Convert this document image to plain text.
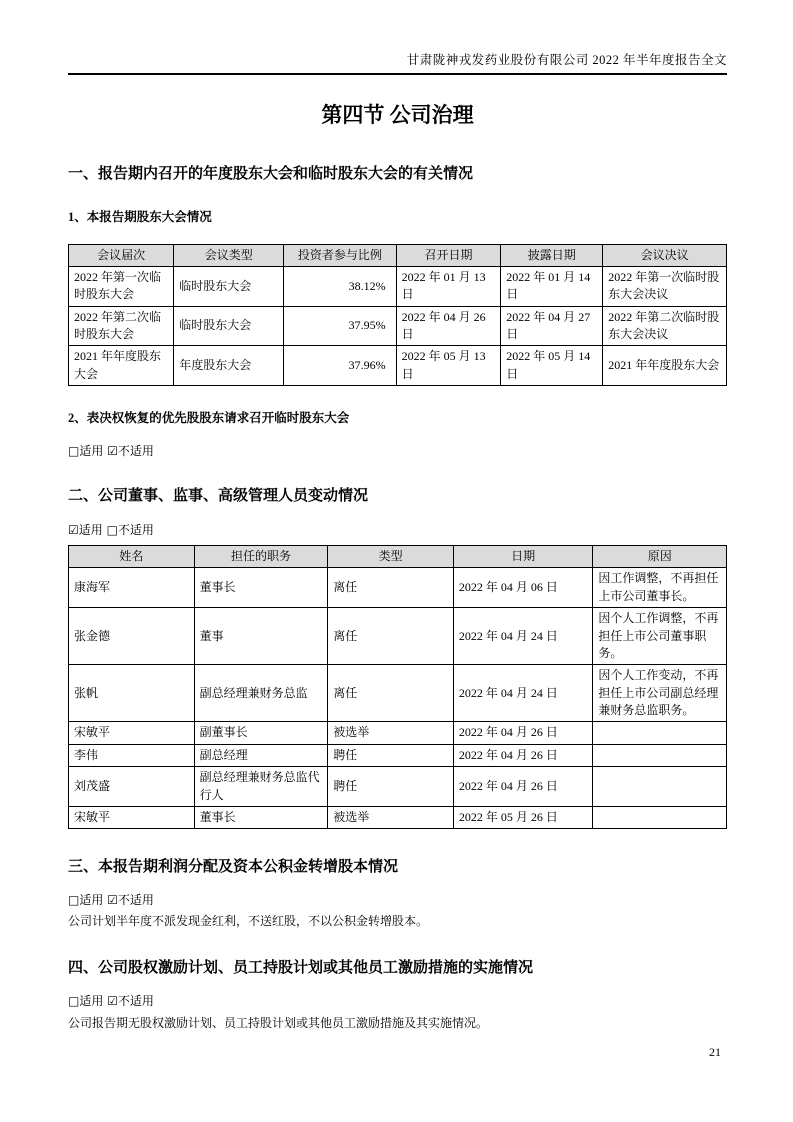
甘肃陇神戎发药业股份有限公司 2022 年半年度报告全文
第四节 公司治理
一、报告期内召开的年度股东大会和临时股东大会的有关情况
1、本报告期股东大会情况
会议届次	会议类型	投资者参与比例	召开日期	披露日期	会议决议
2022 年第一次临时股东大会	临时股东大会	38.12%	2022 年 01 月 13 日	2022 年 01 月 14 日	2022 年第一次临时股东大会决议
2022 年第二次临时股东大会	临时股东大会	37.95%	2022 年 04 月 26 日	2022 年 04 月 27 日	2022 年第二次临时股东大会决议
2021 年年度股东大会	年度股东大会	37.96%	2022 年 05 月 13 日	2022 年 05 月 14 日	2021 年年度股东大会
2、表决权恢复的优先股股东请求召开临时股东大会

□适用 ☑不适用

二、公司董事、监事、高级管理人员变动情况

☑适用 □不适用

姓名	担任的职务	类型	日期	原因
康海军	董事长	离任	2022 年 04 月 06 日	因工作调整，不再担任上市公司董事长。
张金德	董事	离任	2022 年 04 月 24 日	因个人工作调整，不再担任上市公司董事职务。
张帆	副总经理兼财务总监	离任	2022 年 04 月 24 日	因个人工作变动，不再担任上市公司副总经理兼财务总监职务。
宋敏平	副董事长	被选举	2022 年 04 月 26 日	
李伟	副总经理	聘任	2022 年 04 月 26 日	
刘茂盛	副总经理兼财务总监代行人	聘任	2022 年 04 月 26 日	
宋敏平	董事长	被选举	2022 年 05 月 26 日	
三、本报告期利润分配及资本公积金转增股本情况

□适用 ☑不适用

公司计划半年度不派发现金红利，不送红股，不以公积金转增股本。

四、公司股权激励计划、员工持股计划或其他员工激励措施的实施情况

□适用 ☑不适用

公司报告期无股权激励计划、员工持股计划或其他员工激励措施及其实施情况。

21
